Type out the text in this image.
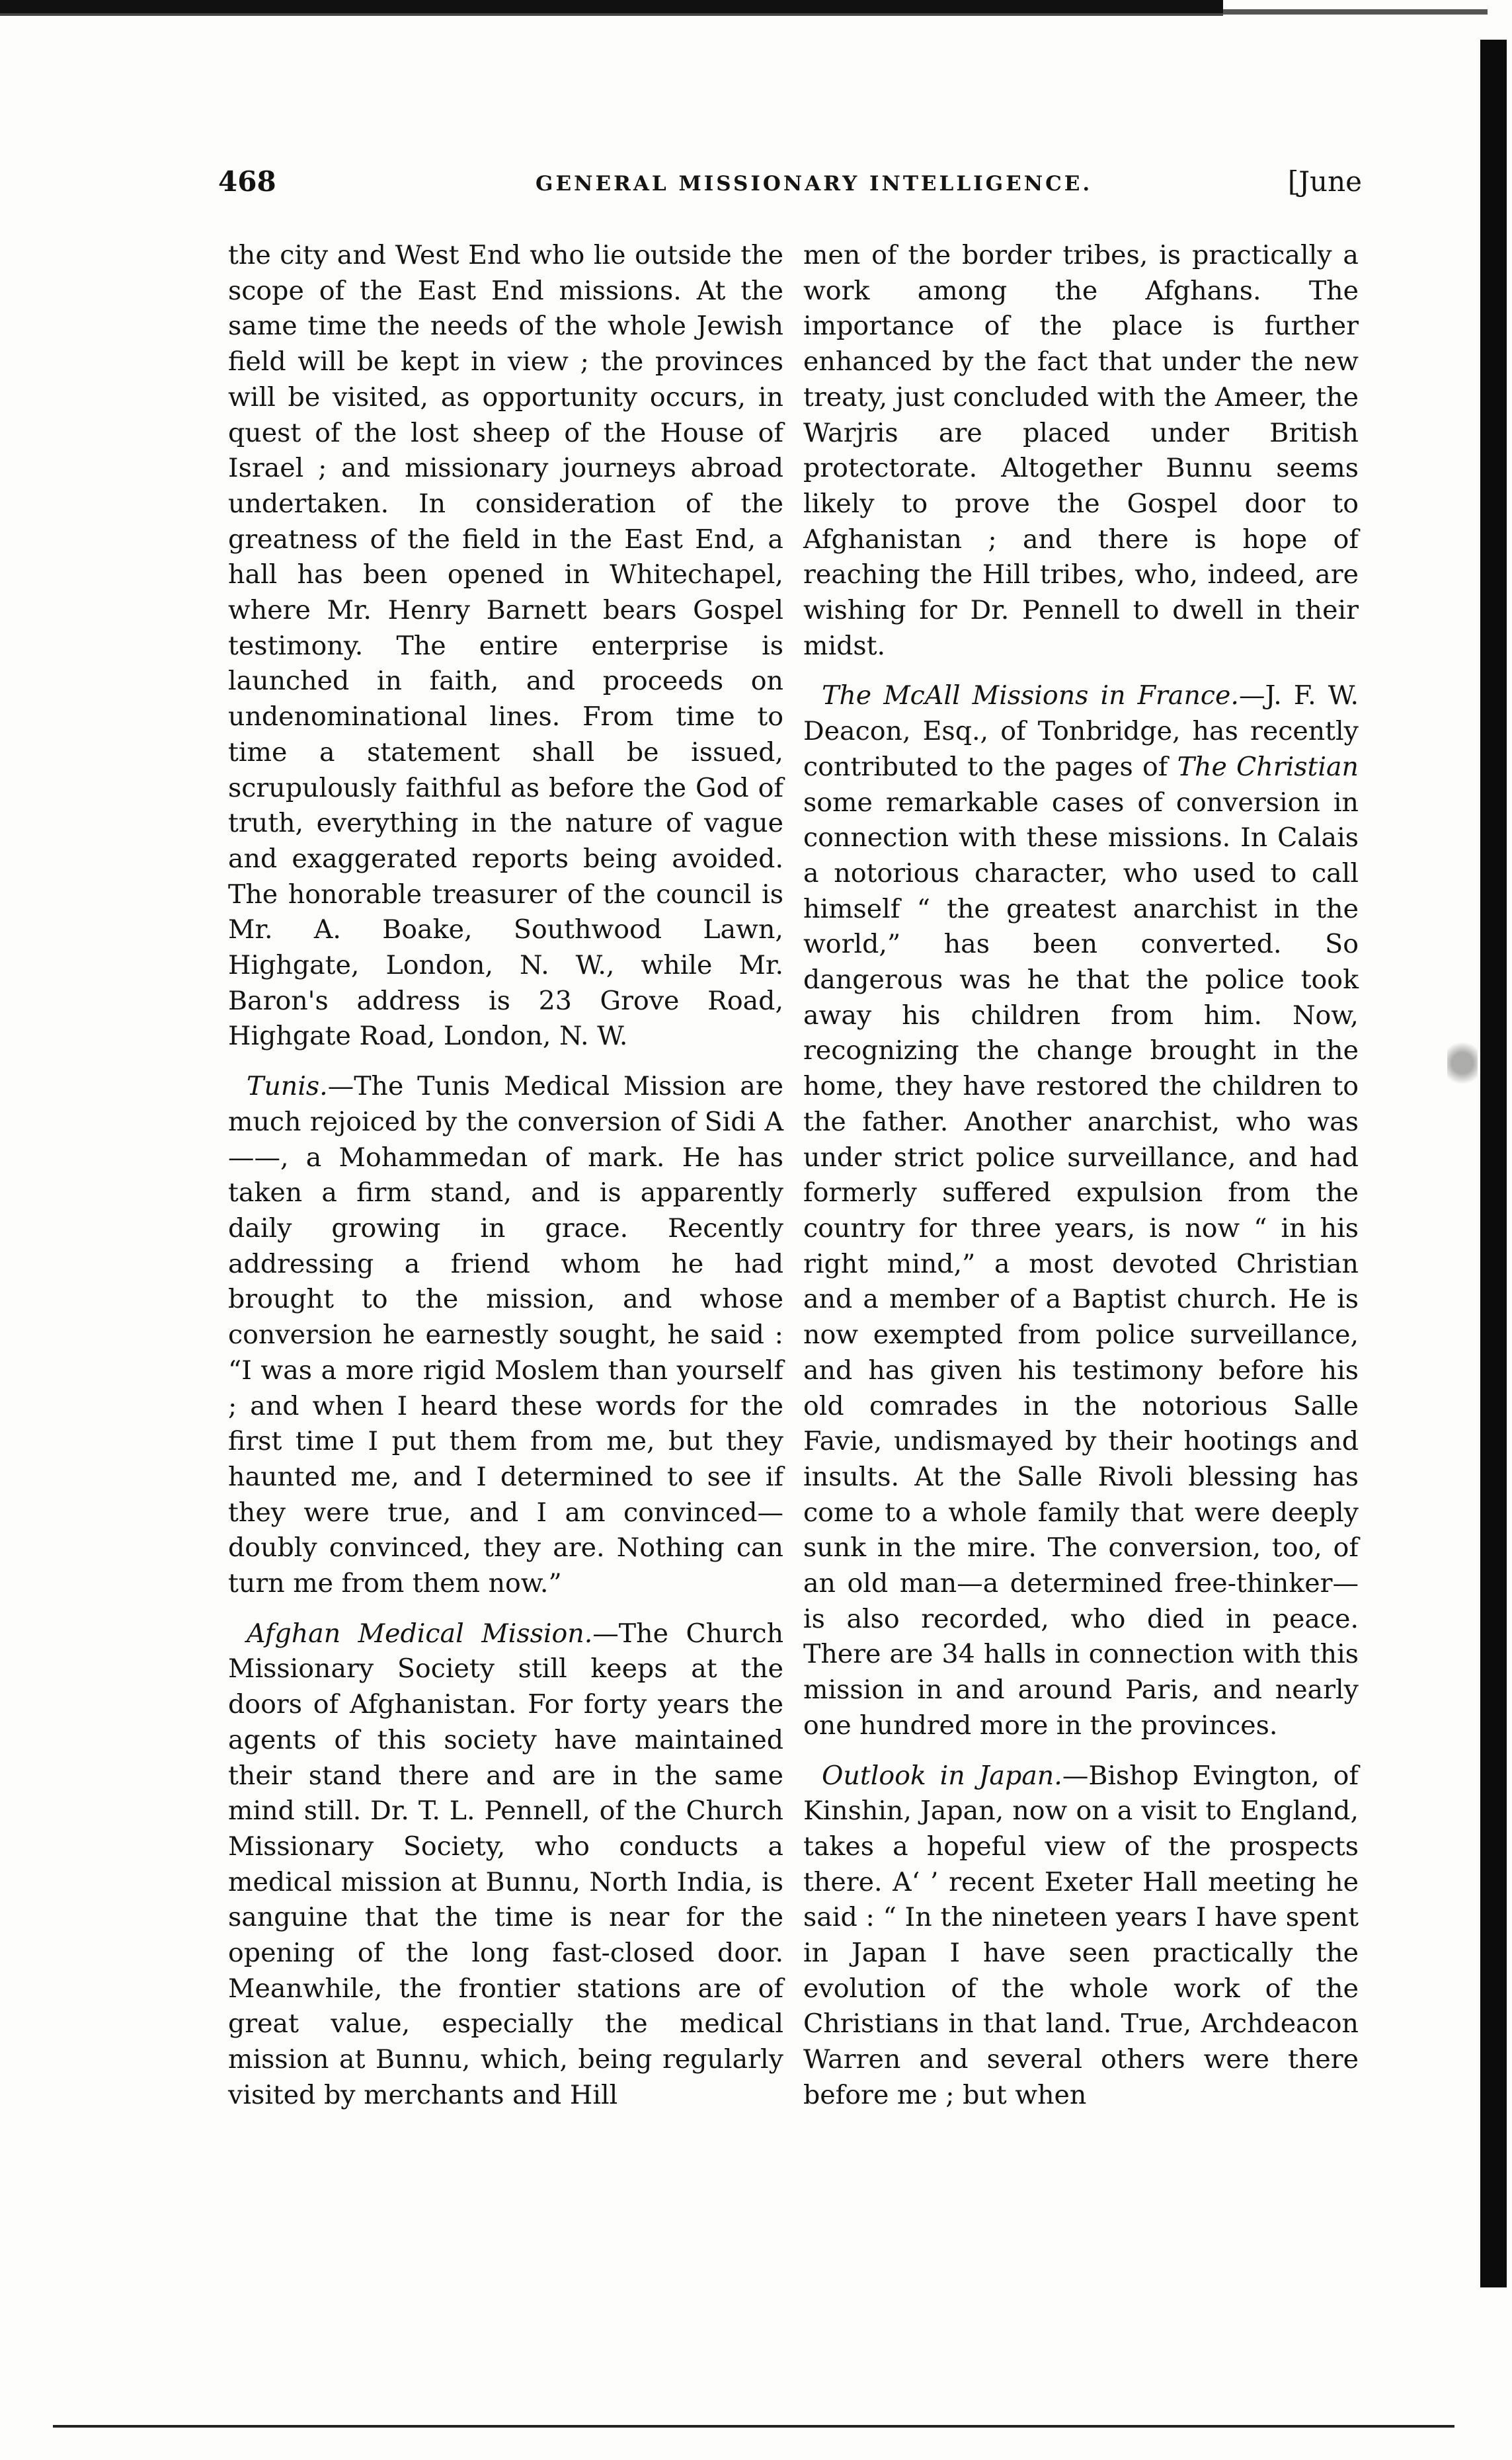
468	GENERAL MISSIONARY INTELLIGENCE.	[June

the city and West End who lie outside the scope of the East End missions. At the same time the needs of the whole Jewish field will be kept in view ; the provinces will be visited, as opportunity occurs, in quest of the lost sheep of the House of Israel ; and missionary journeys abroad undertaken. In consideration of the greatness of the field in the East End, a hall has been opened in Whitechapel, where Mr. Henry Barnett bears Gospel testimony. The entire enterprise is launched in faith, and proceeds on undenominational lines. From time to time a statement shall be issued, scrupulously faithful as before the God of truth, everything in the nature of vague and exaggerated reports being avoided. The honorable treasurer of the council is Mr. A. Boake, Southwood Lawn, Highgate, London, N. W., while Mr. Baron's address is 23 Grove Road, Highgate Road, London, N. W.

Tunis.—The Tunis Medical Mission are much rejoiced by the conversion of Sidi A——, a Mohammedan of mark. He has taken a firm stand, and is apparently daily growing in grace. Recently addressing a friend whom he had brought to the mission, and whose conversion he earnestly sought, he said : “I was a more rigid Moslem than yourself ; and when I heard these words for the first time I put them from me, but they haunted me, and I determined to see if they were true, and I am convinced—doubly convinced, they are. Nothing can turn me from them now.”

Afghan Medical Mission.—The Church Missionary Society still keeps at the doors of Afghanistan. For forty years the agents of this society have maintained their stand there and are in the same mind still. Dr. T. L. Pennell, of the Church Missionary Society, who conducts a medical mission at Bunnu, North India, is sanguine that the time is near for the opening of the long fast-closed door. Meanwhile, the frontier stations are of great value, especially the medical mission at Bunnu, which, being regularly visited by merchants and Hill

men of the border tribes, is practically a work among the Afghans. The importance of the place is further enhanced by the fact that under the new treaty, just concluded with the Ameer, the Warjris are placed under British protectorate. Altogether Bunnu seems likely to prove the Gospel door to Afghanistan ; and there is hope of reaching the Hill tribes, who, indeed, are wishing for Dr. Pennell to dwell in their midst.

The McAll Missions in France.—J. F. W. Deacon, Esq., of Tonbridge, has recently contributed to the pages of The Christian some remarkable cases of conversion in connection with these missions. In Calais a notorious character, who used to call himself “ the greatest anarchist in the world,” has been converted. So dangerous was he that the police took away his children from him. Now, recognizing the change brought in the home, they have restored the children to the father. Another anarchist, who was under strict police surveillance, and had formerly suffered expulsion from the country for three years, is now “ in his right mind,” a most devoted Christian and a member of a Baptist church. He is now exempted from police surveillance, and has given his testimony before his old comrades in the notorious Salle Favie, undismayed by their hootings and insults. At the Salle Rivoli blessing has come to a whole family that were deeply sunk in the mire. The conversion, too, of an old man—a determined free-thinker—is also recorded, who died in peace. There are 34 halls in connection with this mission in and around Paris, and nearly one hundred more in the provinces.

Outlook in Japan.—Bishop Evington, of Kinshin, Japan, now on a visit to England, takes a hopeful view of the prospects there. A‘ ’ recent Exeter Hall meeting he said : “ In the nineteen years I have spent in Japan I have seen practically the evolution of the whole work of the Christians in that land. True, Archdeacon Warren and several others were there before me ; but when
